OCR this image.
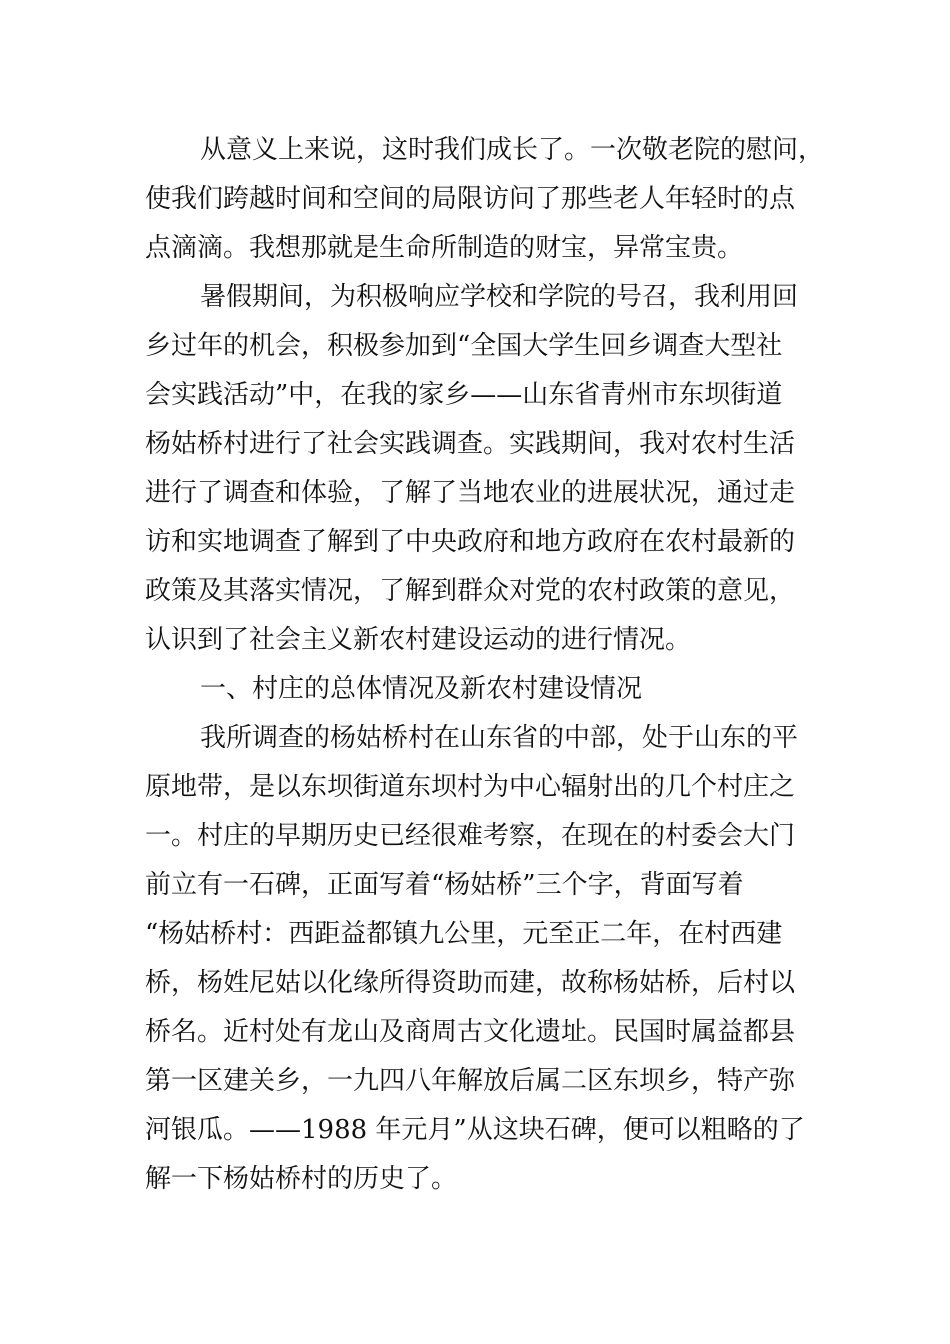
从意义上来说，这时我们成长了。一次敬老院的慰问，
使我们跨越时间和空间的局限访问了那些老人年轻时的点
点滴滴。我想那就是生命所制造的财宝，异常宝贵。
暑假期间，为积极响应学校和学院的号召，我利用回
乡过年的机会，积极参加到“全国大学生回乡调查大型社
会实践活动”中，在我的家乡——山东省青州市东坝街道
杨姑桥村进行了社会实践调查。实践期间，我对农村生活
进行了调查和体验，了解了当地农业的进展状况，通过走
访和实地调查了解到了中央政府和地方政府在农村最新的
政策及其落实情况，了解到群众对党的农村政策的意见，
认识到了社会主义新农村建设运动的进行情况。
一、村庄的总体情况及新农村建设情况
我所调查的杨姑桥村在山东省的中部，处于山东的平
原地带，是以东坝街道东坝村为中心辐射出的几个村庄之
一。村庄的早期历史已经很难考察，在现在的村委会大门
前立有一石碑，正面写着“杨姑桥”三个字，背面写着
“杨姑桥村：西距益都镇九公里，元至正二年，在村西建
桥，杨姓尼姑以化缘所得资助而建，故称杨姑桥，后村以
桥名。近村处有龙山及商周古文化遗址。民国时属益都县
第一区建关乡，一九四八年解放后属二区东坝乡，特产弥
河银瓜。——1988 年元月”从这块石碑，便可以粗略的了
解一下杨姑桥村的历史了。
